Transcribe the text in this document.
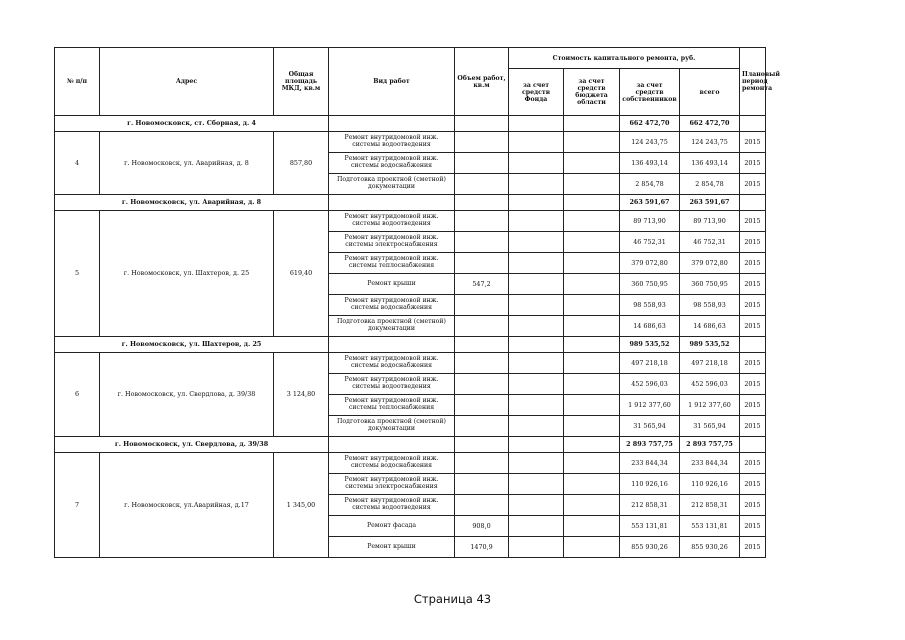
№ п/п	Адрес	Общая площадь МКД, кв.м	Вид работ	Объем работ, кв.м	Стоимость капитального ремонта, руб.				Плановый период ремонта
					за счет средств Фонда	за счет средств бюджета области	за счет средств собственников	всего	
г. Новомосковск, ст. Сборная, д. 4							662 472,70	662 472,70	
4	г. Новомосковск, ул. Аварийная, д. 8	857,80	Ремонт внутридомовой инж. системы водоотведения				124 243,75	124 243,75	2015
			Ремонт внутридомовой инж. системы водоснабжения				136 493,14	136 493,14	2015
			Подготовка проектной (сметной) документации				2 854,78	2 854,78	2015
г. Новомосковск, ул. Аварийная, д. 8							263 591,67	263 591,67	
5	г. Новомосковск, ул. Шахтеров, д. 25	619,40	Ремонт внутридомовой инж. системы водоотведения				89 713,90	89 713,90	2015
			Ремонт внутридомовой инж. системы электроснабжения				46 752,31	46 752,31	2015
			Ремонт внутридомовой инж. системы теплоснабжения				379 072,80	379 072,80	2015
			Ремонт крыши	547,2			360 750,95	360 750,95	2015
			Ремонт внутридомовой инж. системы водоснабжения				98 558,93	98 558,93	2015
			Подготовка проектной (сметной) документации				14 686,63	14 686,63	2015
г. Новомосковск, ул. Шахтеров, д. 25							989 535,52	989 535,52	
6	г. Новомосковск, ул. Свердлова, д. 39/38	3 124,80	Ремонт внутридомовой инж. системы водоснабжения				497 218,18	497 218,18	2015
			Ремонт внутридомовой инж. системы водоотведения				452 596,03	452 596,03	2015
			Ремонт внутридомовой инж. системы теплоснабжения				1 912 377,60	1 912 377,60	2015
			Подготовка проектной (сметной) документации				31 565,94	31 565,94	2015
г. Новомосковск, ул. Свердлова, д. 39/38							2 893 757,75	2 893 757,75	
7	г. Новомосковск, ул.Аварийная, д.17	1 345,00	Ремонт внутридомовой инж. системы водоснабжения				233 844,34	233 844,34	2015
			Ремонт внутридомовой инж. системы электроснабжения				110 926,16	110 926,16	2015
			Ремонт внутридомовой инж. системы водоотведения				212 858,31	212 858,31	2015
			Ремонт фасада	908,0			553 131,81	553 131,81	2015
			Ремонт крыши	1470,9			855 930,26	855 930,26	2015
Страница 43
